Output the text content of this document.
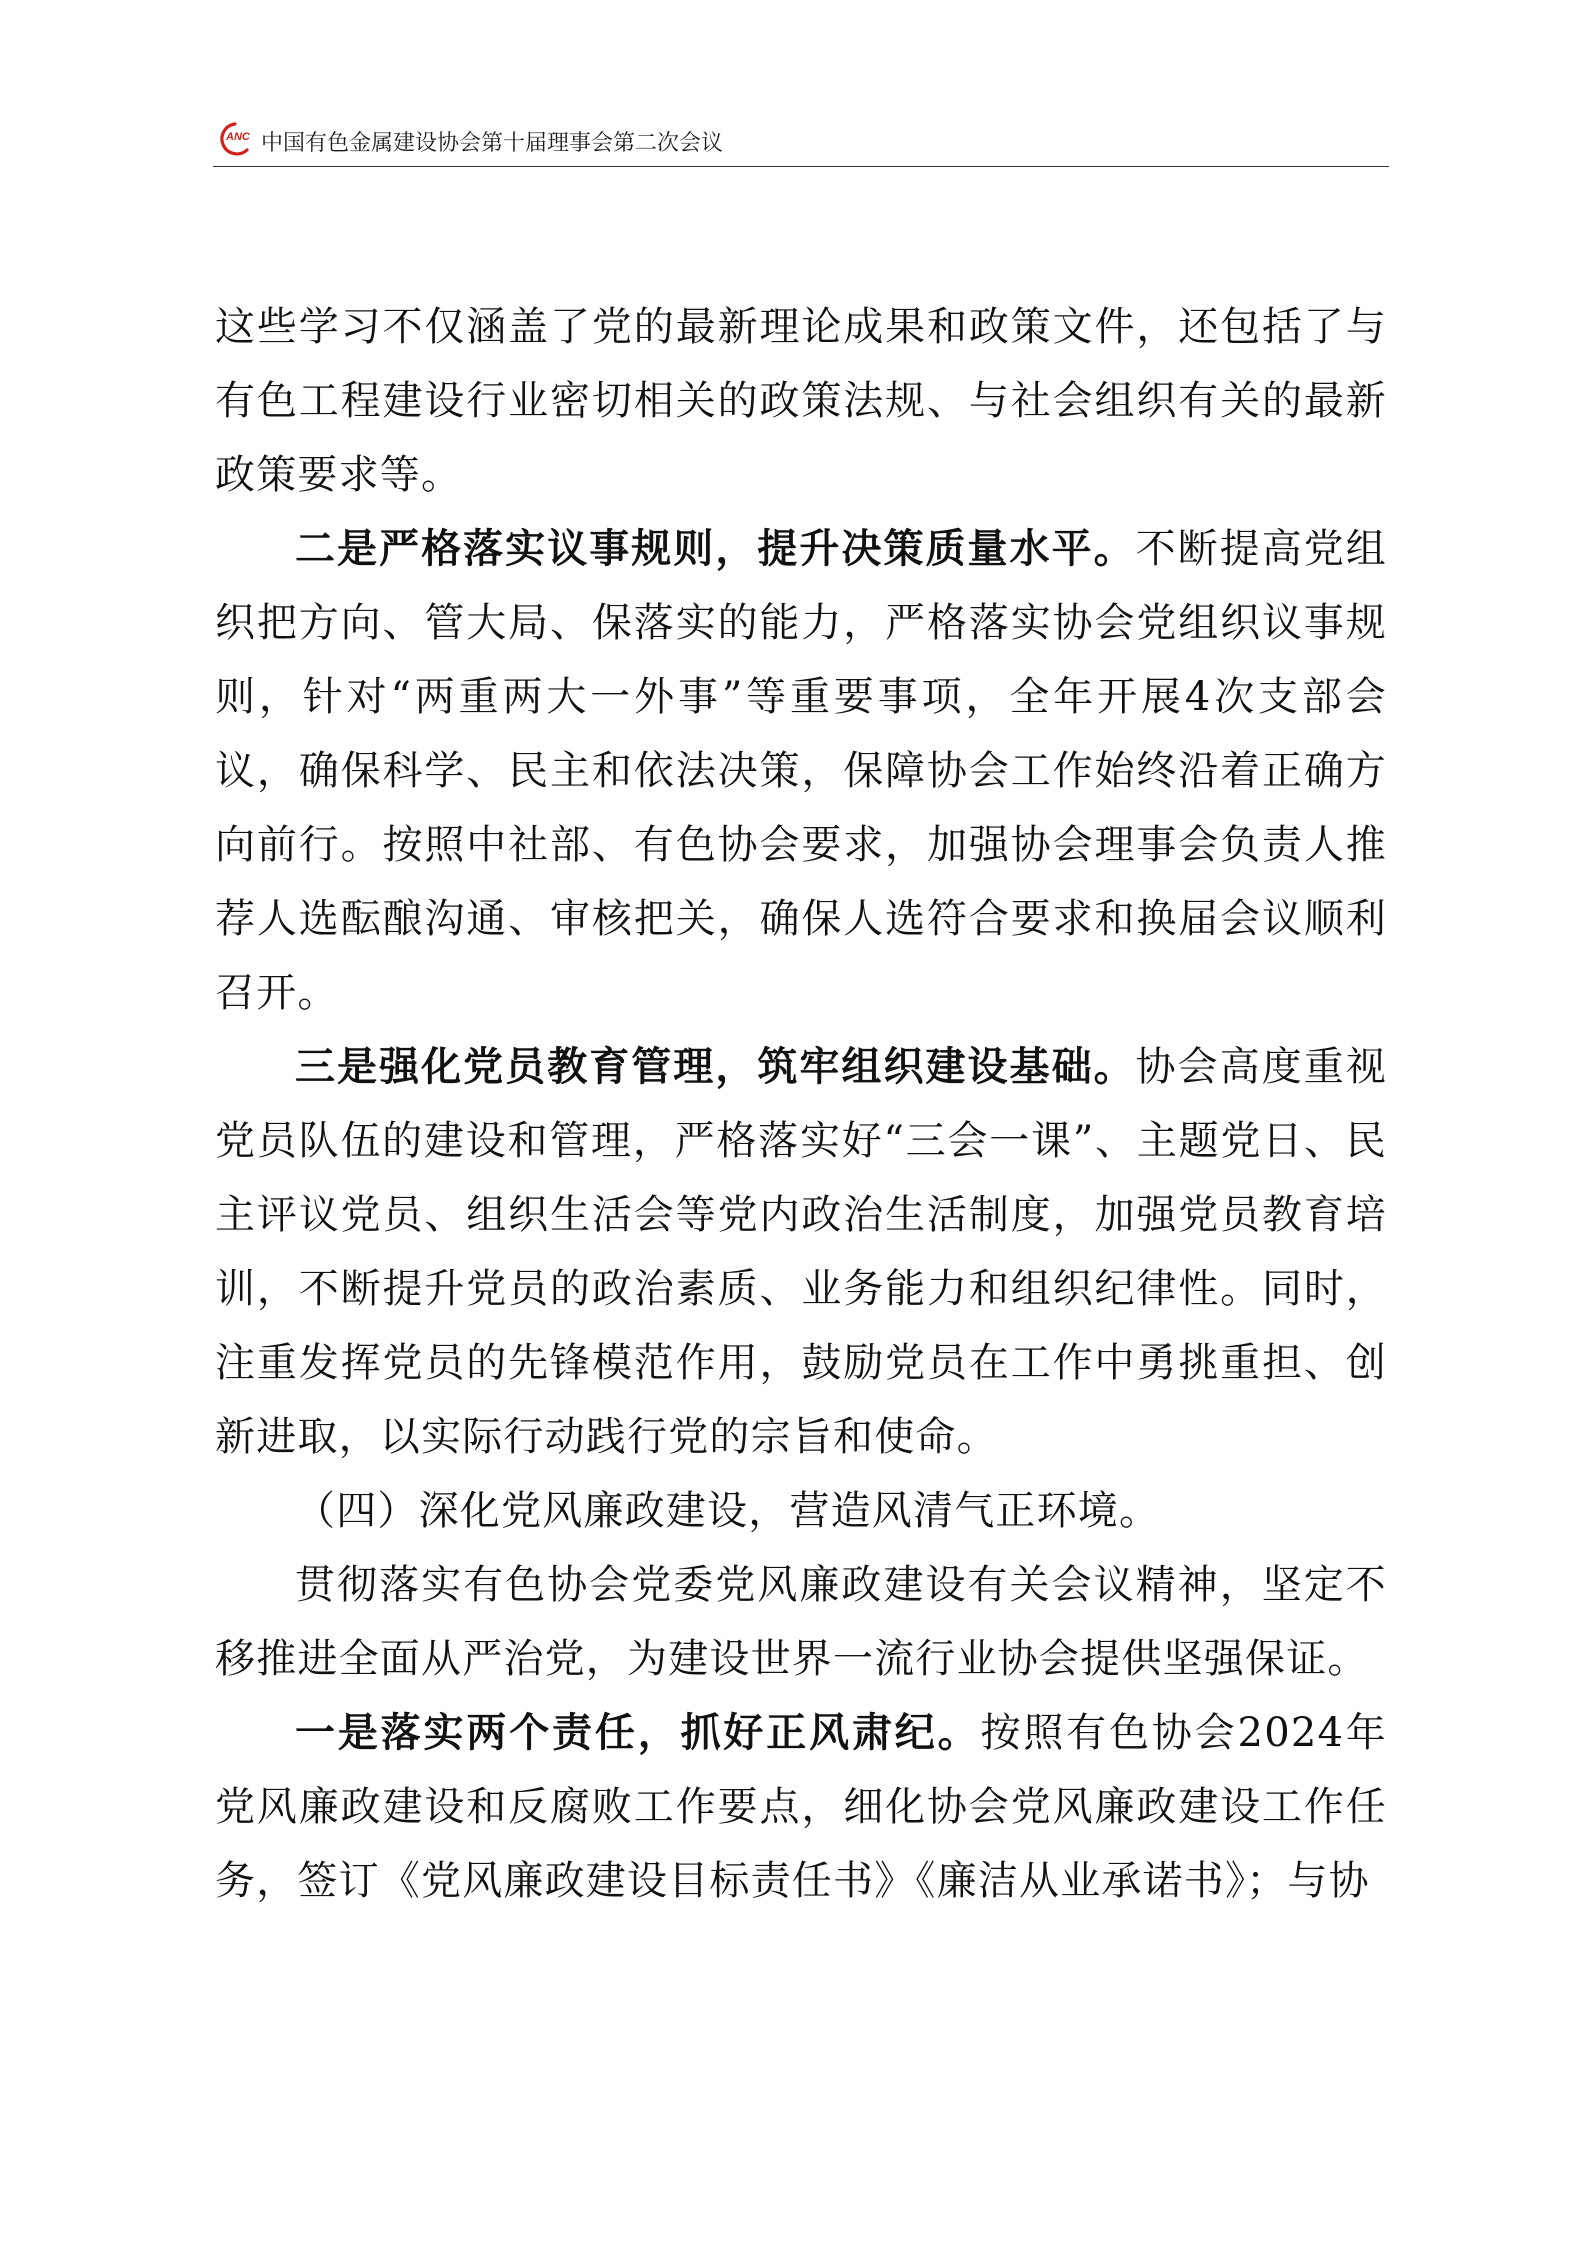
ANC 中国有色金属建设协会第十届理事会第二次会议

这些学习不仅涵盖了党的最新理论成果和政策文件，还包括了与有色工程建设行业密切相关的政策法规、与社会组织有关的最新政策要求等。

二是严格落实议事规则，提升决策质量水平。不断提高党组织把方向、管大局、保落实的能力，严格落实协会党组织议事规则，针对“两重两大一外事”等重要事项，全年开展4次支部会议，确保科学、民主和依法决策，保障协会工作始终沿着正确方向前行。按照中社部、有色协会要求，加强协会理事会负责人推荐人选酝酿沟通、审核把关，确保人选符合要求和换届会议顺利召开。

三是强化党员教育管理，筑牢组织建设基础。协会高度重视党员队伍的建设和管理，严格落实好“三会一课”、主题党日、民主评议党员、组织生活会等党内政治生活制度，加强党员教育培训，不断提升党员的政治素质、业务能力和组织纪律性。同时，注重发挥党员的先锋模范作用，鼓励党员在工作中勇挑重担、创新进取，以实际行动践行党的宗旨和使命。

（四）深化党风廉政建设，营造风清气正环境。

贯彻落实有色协会党委党风廉政建设有关会议精神，坚定不移推进全面从严治党，为建设世界一流行业协会提供坚强保证。

一是落实两个责任，抓好正风肃纪。按照有色协会2024年党风廉政建设和反腐败工作要点，细化协会党风廉政建设工作任务，签订《党风廉政建设目标责任书》《廉洁从业承诺书》；与协
